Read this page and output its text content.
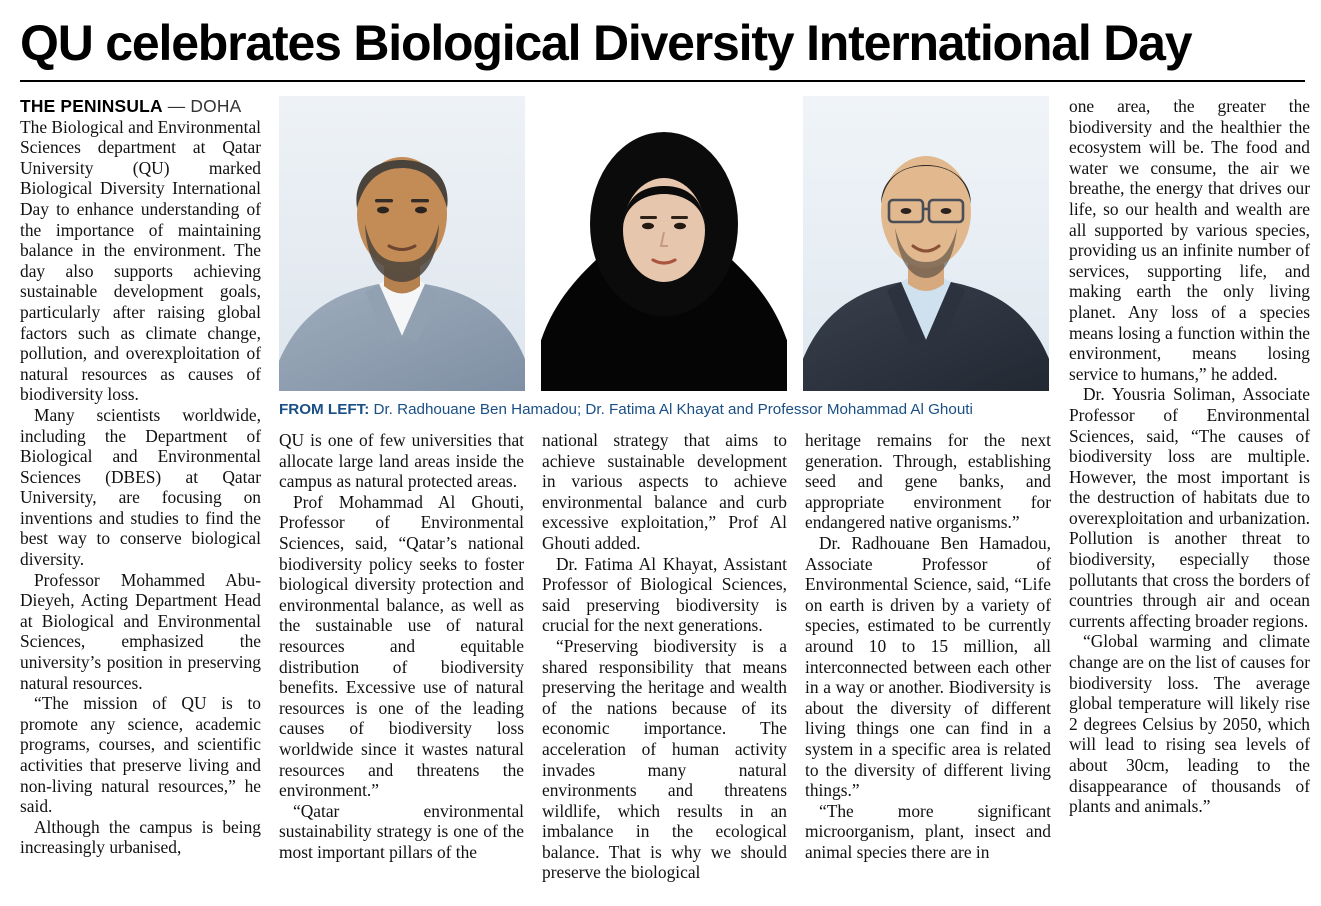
QU celebrates Biological Diversity International Day
THE PENINSULA — DOHA

The Biological and Environmental Sciences department at Qatar University (QU) marked Biological Diversity International Day to enhance understanding of the importance of maintaining balance in the environment. The day also supports achieving sustainable development goals, particularly after raising global factors such as climate change, pollution, and overexploitation of natural resources as causes of biodiversity loss.

Many scientists worldwide, including the Department of Biological and Environmental Sciences (DBES) at Qatar University, are focusing on inventions and studies to find the best way to conserve biological diversity.

Professor Mohammed Abu-Dieyeh, Acting Department Head at Biological and Environmental Sciences, emphasized the university’s position in preserving natural resources.

“The mission of QU is to promote any science, academic programs, courses, and scientific activities that preserve living and non-living natural resources,” he said.

Although the campus is being increasingly urbanised,

FROM LEFT: Dr. Radhouane Ben Hamadou; Dr. Fatima Al Khayat and Professor Mohammad Al Ghouti

QU is one of few universities that allocate large land areas inside the campus as natural protected areas.

Prof Mohammad Al Ghouti, Professor of Environmental Sciences, said, “Qatar’s national biodiversity policy seeks to foster biological diversity protection and environmental balance, as well as the sustainable use of natural resources and equitable distribution of biodiversity benefits. Excessive use of natural resources is one of the leading causes of biodiversity loss worldwide since it wastes natural resources and threatens the environment.”

“Qatar environmental sustainability strategy is one of the most important pillars of the

national strategy that aims to achieve sustainable development in various aspects to achieve environmental balance and curb excessive exploitation,” Prof Al Ghouti added.

Dr. Fatima Al Khayat, Assistant Professor of Biological Sciences, said preserving biodiversity is crucial for the next generations.

“Preserving biodiversity is a shared responsibility that means preserving the heritage and wealth of the nations because of its economic importance. The acceleration of human activity invades many natural environments and threatens wildlife, which results in an imbalance in the ecological balance. That is why we should preserve the biological

heritage remains for the next generation. Through, establishing seed and gene banks, and appropriate environment for endangered native organisms.”

Dr. Radhouane Ben Hamadou, Associate Professor of Environmental Science, said, “Life on earth is driven by a variety of species, estimated to be currently around 10 to 15 million, all interconnected between each other in a way or another. Biodiversity is about the diversity of different living things one can find in a system in a specific area is related to the diversity of different living things.”

“The more significant microorganism, plant, insect and animal species there are in

one area, the greater the biodiversity and the healthier the ecosystem will be. The food and water we consume, the air we breathe, the energy that drives our life, so our health and wealth are all supported by various species, providing us an infinite number of services, supporting life, and making earth the only living planet. Any loss of a species means losing a function within the environment, means losing service to humans,” he added.

Dr. Yousria Soliman, Associate Professor of Environmental Sciences, said, “The causes of biodiversity loss are multiple. However, the most important is the destruction of habitats due to overexploitation and urbanization. Pollution is another threat to biodiversity, especially those pollutants that cross the borders of countries through air and ocean currents affecting broader regions.

“Global warming and climate change are on the list of causes for biodiversity loss. The average global temperature will likely rise 2 degrees Celsius by 2050, which will lead to rising sea levels of about 30cm, leading to the disappearance of thousands of plants and animals.”
